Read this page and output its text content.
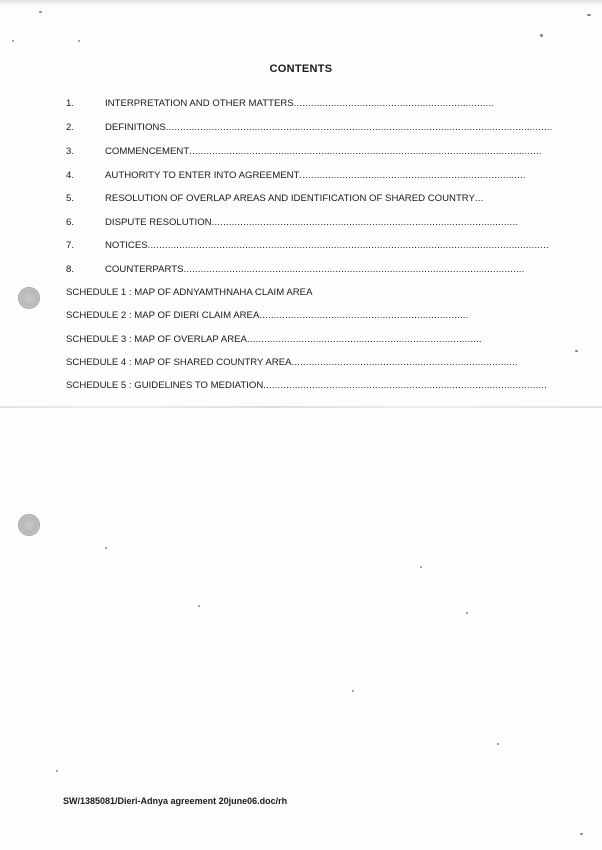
CONTENTS
1.	INTERPRETATION AND OTHER MATTERS......................................................................
2.	DEFINITIONS.......................................................................................................................................
3.	COMMENCEMENT...........................................................................................................................
4.	AUTHORITY TO ENTER INTO AGREEMENT...............................................................................
5.	RESOLUTION OF OVERLAP AREAS AND IDENTIFICATION OF SHARED COUNTRY...
6.	DISPUTE RESOLUTION...........................................................................................................
7.	NOTICES............................................................................................................................................
8.	COUNTERPARTS.......................................................................................................................
SCHEDULE 1 : MAP OF ADNYAMTHNAHA CLAIM AREA
SCHEDULE 2 : MAP OF DIERI CLAIM AREA.........................................................................
SCHEDULE 3 : MAP OF OVERLAP AREA..................................................................................
SCHEDULE 4 : MAP OF SHARED COUNTRY AREA...............................................................................
SCHEDULE 5 : GUIDELINES TO MEDIATION...................................................................................................
SW/1385081/Dieri-Adnya agreement 20june06.doc/rh
